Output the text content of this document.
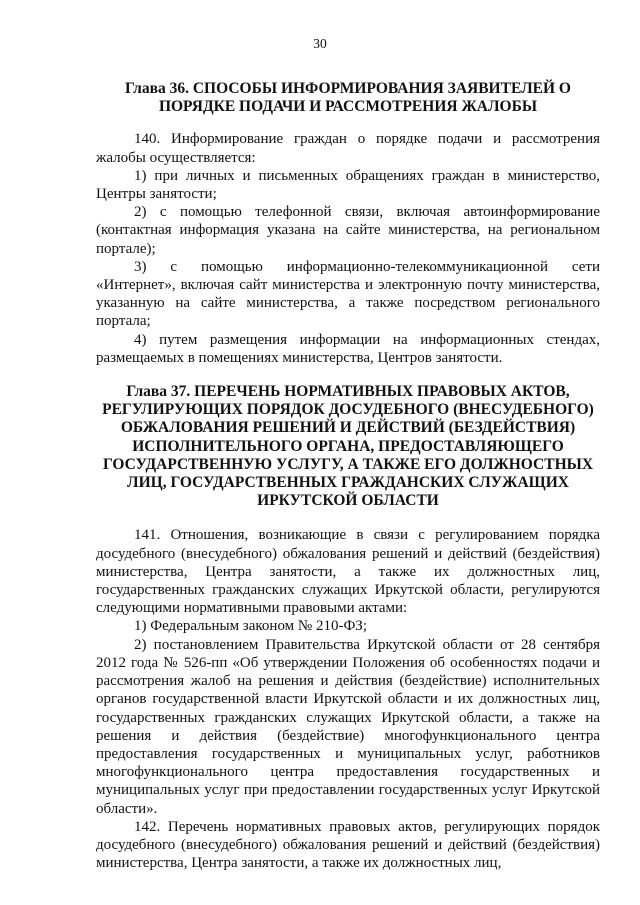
30
Глава 36. СПОСОБЫ ИНФОРМИРОВАНИЯ ЗАЯВИТЕЛЕЙ О ПОРЯДКЕ ПОДАЧИ И РАССМОТРЕНИЯ ЖАЛОБЫ

140. Информирование граждан о порядке подачи и рассмотрения жалобы осуществляется:

1) при личных и письменных обращениях граждан в министерство, Центры занятости;

2) с помощью телефонной связи, включая автоинформирование (контактная информация указана на сайте министерства, на региональном портале);

3) с помощью информационно-телекоммуникационной сети «Интернет», включая сайт министерства и электронную почту министерства, указанную на сайте министерства, а также посредством регионального портала;

4) путем размещения информации на информационных стендах, размещаемых в помещениях министерства, Центров занятости.

Глава 37. ПЕРЕЧЕНЬ НОРМАТИВНЫХ ПРАВОВЫХ АКТОВ, РЕГУЛИРУЮЩИХ ПОРЯДОК ДОСУДЕБНОГО (ВНЕСУДЕБНОГО) ОБЖАЛОВАНИЯ РЕШЕНИЙ И ДЕЙСТВИЙ (БЕЗДЕЙСТВИЯ) ИСПОЛНИТЕЛЬНОГО ОРГАНА, ПРЕДОСТАВЛЯЮЩЕГО ГОСУДАРСТВЕННУЮ УСЛУГУ, А ТАКЖЕ ЕГО ДОЛЖНОСТНЫХ ЛИЦ, ГОСУДАРСТВЕННЫХ ГРАЖДАНСКИХ СЛУЖАЩИХ ИРКУТСКОЙ ОБЛАСТИ

141. Отношения, возникающие в связи с регулированием порядка досудебного (внесудебного) обжалования решений и действий (бездействия) министерства, Центра занятости, а также их должностных лиц, государственных гражданских служащих Иркутской области, регулируются следующими нормативными правовыми актами:

1) Федеральным законом № 210-ФЗ;

2) постановлением Правительства Иркутской области от 28 сентября 2012 года № 526-пп «Об утверждении Положения об особенностях подачи и рассмотрения жалоб на решения и действия (бездействие) исполнительных органов государственной власти Иркутской области и их должностных лиц, государственных гражданских служащих Иркутской области, а также на решения и действия (бездействие) многофункционального центра предоставления государственных и муниципальных услуг, работников многофункционального центра предоставления государственных и муниципальных услуг при предоставлении государственных услуг Иркутской области».

142. Перечень нормативных правовых актов, регулирующих порядок досудебного (внесудебного) обжалования решений и действий (бездействия) министерства, Центра занятости, а также их должностных лиц,
